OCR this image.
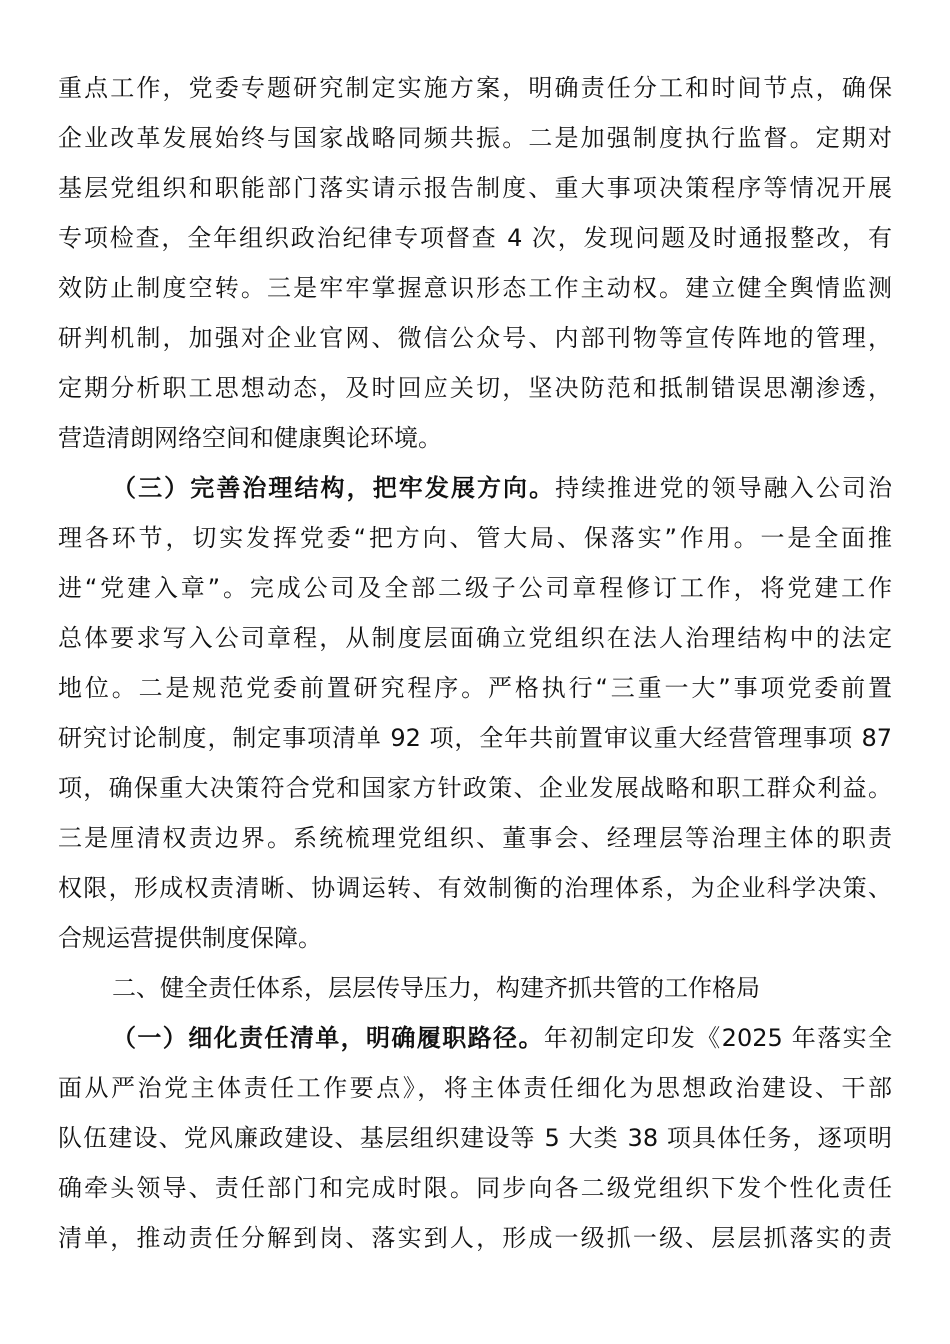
重点工作，党委专题研究制定实施方案，明确责任分工和时间节点，确保
企业改革发展始终与国家战略同频共振。二是加强制度执行监督。定期对
基层党组织和职能部门落实请示报告制度、重大事项决策程序等情况开展
专项检查，全年组织政治纪律专项督查 4 次，发现问题及时通报整改，有
效防止制度空转。三是牢牢掌握意识形态工作主动权。建立健全舆情监测
研判机制，加强对企业官网、微信公众号、内部刊物等宣传阵地的管理，
定期分析职工思想动态，及时回应关切，坚决防范和抵制错误思潮渗透，
营造清朗网络空间和健康舆论环境。
（三）完善治理结构，把牢发展方向。持续推进党的领导融入公司治
理各环节，切实发挥党委“把方向、管大局、保落实”作用。一是全面推
进“党建入章”。完成公司及全部二级子公司章程修订工作，将党建工作
总体要求写入公司章程，从制度层面确立党组织在法人治理结构中的法定
地位。二是规范党委前置研究程序。严格执行“三重一大”事项党委前置
研究讨论制度，制定事项清单 92 项，全年共前置审议重大经营管理事项 87
项，确保重大决策符合党和国家方针政策、企业发展战略和职工群众利益。
三是厘清权责边界。系统梳理党组织、董事会、经理层等治理主体的职责
权限，形成权责清晰、协调运转、有效制衡的治理体系，为企业科学决策、
合规运营提供制度保障。
二、健全责任体系，层层传导压力，构建齐抓共管的工作格局
（一）细化责任清单，明确履职路径。年初制定印发《2025 年落实全
面从严治党主体责任工作要点》，将主体责任细化为思想政治建设、干部
队伍建设、党风廉政建设、基层组织建设等 5 大类 38 项具体任务，逐项明
确牵头领导、责任部门和完成时限。同步向各二级党组织下发个性化责任
清单，推动责任分解到岗、落实到人，形成一级抓一级、层层抓落实的责
